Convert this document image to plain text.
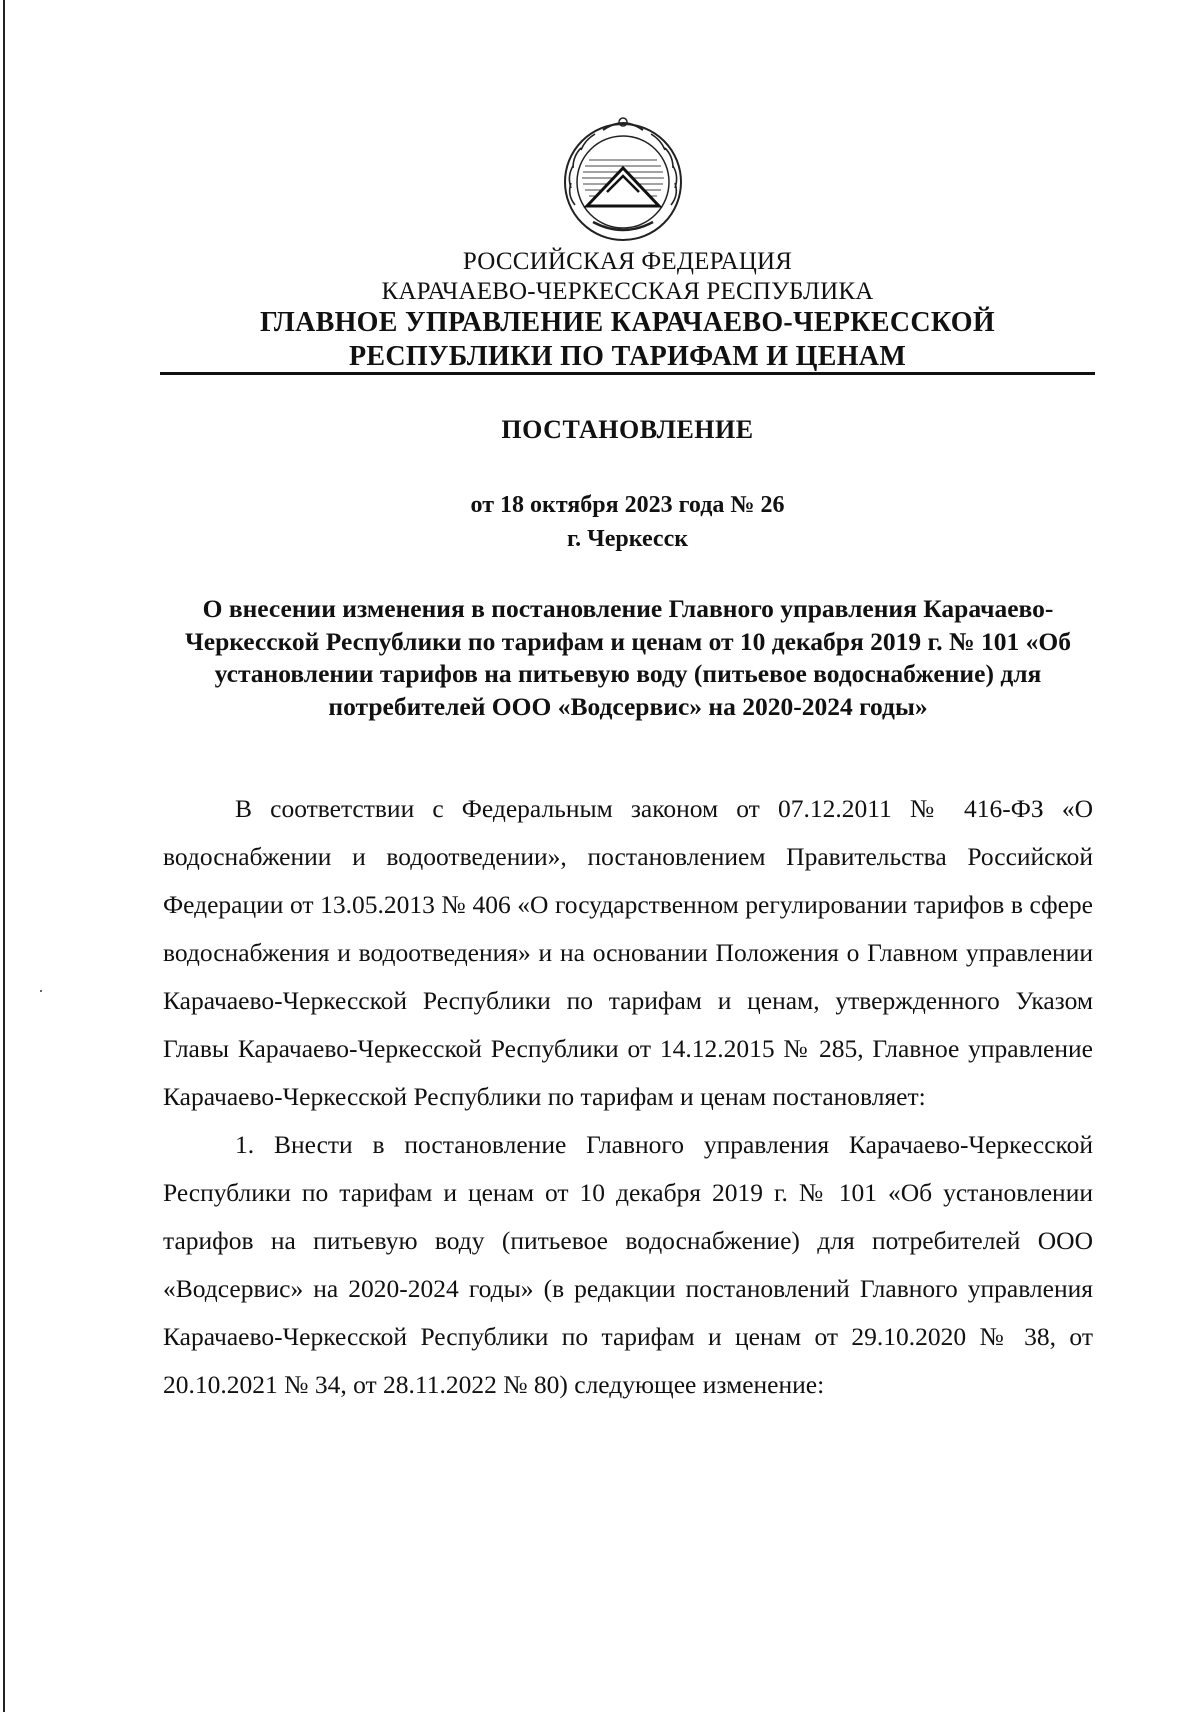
РОССИЙСКАЯ ФЕДЕРАЦИЯ
КАРАЧАЕВО-ЧЕРКЕССКАЯ РЕСПУБЛИКА
ГЛАВНОЕ УПРАВЛЕНИЕ КАРАЧАЕВО-ЧЕРКЕССКОЙ
РЕСПУБЛИКИ ПО ТАРИФАМ И ЦЕНАМ
ПОСТАНОВЛЕНИЕ
от 18 октября 2023 года № 26
г. Черкесск
О внесении изменения в постановление Главного управления Карачаево-Черкесской Республики по тарифам и ценам от 10 декабря 2019 г. № 101 «Об установлении тарифов на питьевую воду (питьевое водоснабжение) для потребителей ООО «Водсервис» на 2020-2024 годы»

В соответствии с Федеральным законом от 07.12.2011 № 416-ФЗ «О водоснабжении и водоотведении», постановлением Правительства Российской Федерации от 13.05.2013 № 406 «О государственном регулировании тарифов в сфере водоснабжения и водоотведения» и на основании Положения о Главном управлении Карачаево-Черкесской Республики по тарифам и ценам, утвержденного Указом Главы Карачаево-Черкесской Республики от 14.12.2015 № 285, Главное управление Карачаево-Черкесской Республики по тарифам и ценам постановляет:

1. Внести в постановление Главного управления Карачаево-Черкесской Республики по тарифам и ценам от 10 декабря 2019 г. № 101 «Об установлении тарифов на питьевую воду (питьевое водоснабжение) для потребителей ООО «Водсервис» на 2020-2024 годы» (в редакции постановлений Главного управления Карачаево-Черкесской Республики по тарифам и ценам от 29.10.2020 № 38, от 20.10.2021 № 34, от 28.11.2022 № 80) следующее изменение:
